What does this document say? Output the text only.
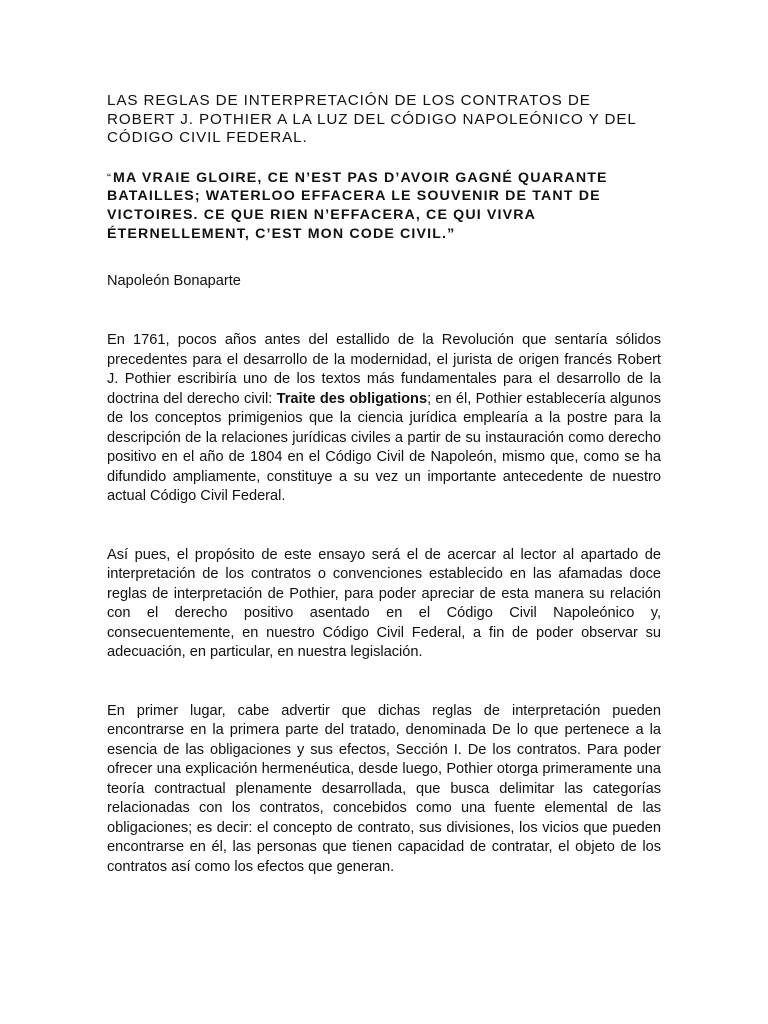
LAS REGLAS DE INTERPRETACIÓN DE LOS CONTRATOS DE ROBERT J. POTHIER A LA LUZ DEL CÓDIGO NAPOLEÓNICO Y DEL CÓDIGO CIVIL FEDERAL.
“ MA VRAIE GLOIRE, CE N’EST PAS D’AVOIR GAGNÉ QUARANTE BATAILLES; WATERLOO EFFACERA LE SOUVENIR DE TANT DE VICTOIRES. CE QUE RIEN N’EFFACERA, CE QUI VIVRA ÉTERNELLEMENT, C’EST MON CODE CIVIL.”
Napoleón Bonaparte

En 1761, pocos años antes del estallido de la Revolución que sentaría sólidos precedentes para el desarrollo de la modernidad, el jurista de origen francés Robert J. Pothier escribiría uno de los textos más fundamentales para el desarrollo de la doctrina del derecho civil: Traite des obligations; en él, Pothier establecería algunos de los conceptos primigenios que la ciencia jurídica emplearía a la postre para la descripción de la relaciones jurídicas civiles a partir de su instauración como derecho positivo en el año de 1804 en el Código Civil de Napoleón, mismo que, como se ha difundido ampliamente, constituye a su vez un importante antecedente de nuestro actual Código Civil Federal.

Así pues, el propósito de este ensayo será el de acercar al lector al apartado de interpretación de los contratos o convenciones establecido en las afamadas doce reglas de interpretación de Pothier, para poder apreciar de esta manera su relación con el derecho positivo asentado en el Código Civil Napoleónico y, consecuentemente, en nuestro Código Civil Federal, a fin de poder observar su adecuación, en particular, en nuestra legislación.

En primer lugar, cabe advertir que dichas reglas de interpretación pueden encontrarse en la primera parte del tratado, denominada De lo que pertenece a la esencia de las obligaciones y sus efectos, Sección I. De los contratos. Para poder ofrecer una explicación hermenéutica, desde luego, Pothier otorga primeramente una teoría contractual plenamente desarrollada, que busca delimitar las categorías relacionadas con los contratos, concebidos como una fuente elemental de las obligaciones; es decir: el concepto de contrato, sus divisiones, los vicios que pueden encontrarse en él, las personas que tienen capacidad de contratar, el objeto de los contratos así como los efectos que generan.
